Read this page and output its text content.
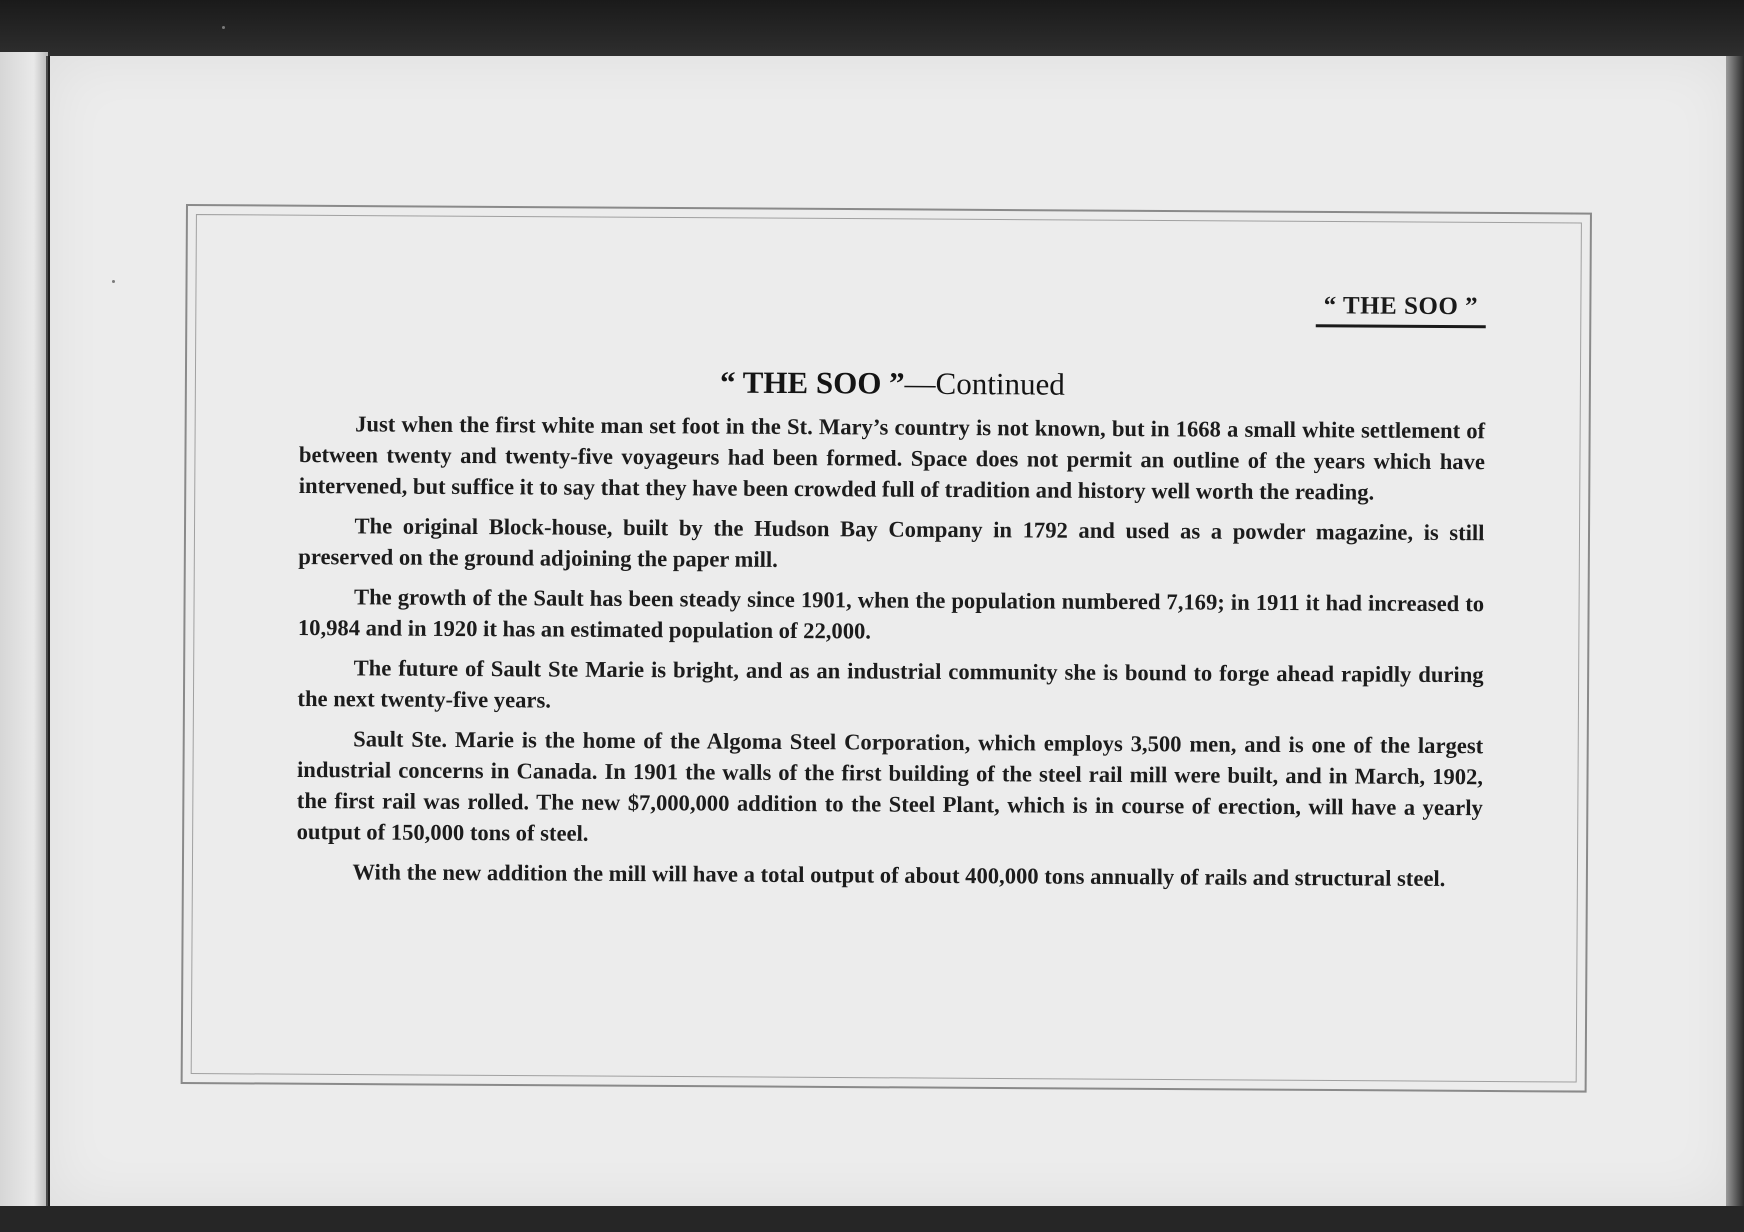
“ THE SOO ”
“ THE SOO ”—Continued

Just when the first white man set foot in the St. Mary’s country is not known, but in 1668 a small white settlement of between twenty and twenty-five voyageurs had been formed. Space does not permit an outline of the years which have intervened, but suffice it to say that they have been crowded full of tradition and history well worth the reading.

The original Block-house, built by the Hudson Bay Company in 1792 and used as a powder magazine, is still preserved on the ground adjoining the paper mill.

The growth of the Sault has been steady since 1901, when the population numbered 7,169; in 1911 it had increased to 10,984 and in 1920 it has an estimated population of 22,000.

The future of Sault Ste Marie is bright, and as an industrial community she is bound to forge ahead rapidly during the next twenty-five years.

Sault Ste. Marie is the home of the Algoma Steel Corporation, which employs 3,500 men, and is one of the largest industrial concerns in Canada. In 1901 the walls of the first building of the steel rail mill were built, and in March, 1902, the first rail was rolled. The new $7,000,000 addition to the Steel Plant, which is in course of erection, will have a yearly output of 150,000 tons of steel.

With the new addition the mill will have a total output of about 400,000 tons annually of rails and structural steel.
